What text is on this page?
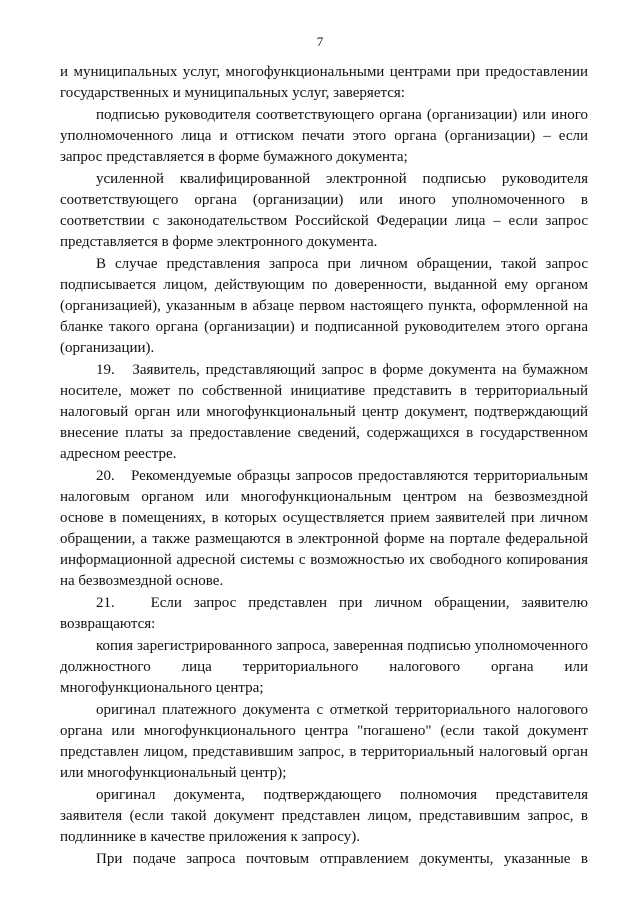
7

и муниципальных услуг, многофункциональными центрами при предоставлении государственных и муниципальных услуг, заверяется:

подписью руководителя соответствующего органа (организации) или иного уполномоченного лица и оттиском печати этого органа (организации) – если запрос представляется в форме бумажного документа;

усиленной квалифицированной электронной подписью руководителя соответствующего органа (организации) или иного уполномоченного в соответствии с законодательством Российской Федерации лица – если запрос представляется в форме электронного документа.

В случае представления запроса при личном обращении, такой запрос подписывается лицом, действующим по доверенности, выданной ему органом (организацией), указанным в абзаце первом настоящего пункта, оформленной на бланке такого органа (организации) и подписанной руководителем этого органа (организации).

19.   Заявитель, представляющий запрос в форме документа на бумажном носителе, может по собственной инициативе представить в территориальный налоговый орган или многофункциональный центр документ, подтверждающий внесение платы за предоставление сведений, содержащихся в государственном адресном реестре.

20.   Рекомендуемые образцы запросов предоставляются территориальным налоговым органом или многофункциональным центром на безвозмездной основе в помещениях, в которых осуществляется прием заявителей при личном обращении, а также размещаются в электронной форме на портале федеральной информационной адресной системы с возможностью их свободного копирования на безвозмездной основе.

21.   Если запрос представлен при личном обращении, заявителю возвращаются:

копия зарегистрированного запроса, заверенная подписью уполномоченного должностного лица территориального налогового органа или многофункционального центра;

оригинал платежного документа с отметкой территориального налогового органа или многофункционального центра "погашено" (если такой документ представлен лицом, представившим запрос, в территориальный налоговый орган или многофункциональный центр);

оригинал документа, подтверждающего полномочия представителя заявителя (если такой документ представлен лицом, представившим запрос, в подлиннике в качестве приложения к запросу).

При подаче запроса почтовым отправлением документы, указанные в
